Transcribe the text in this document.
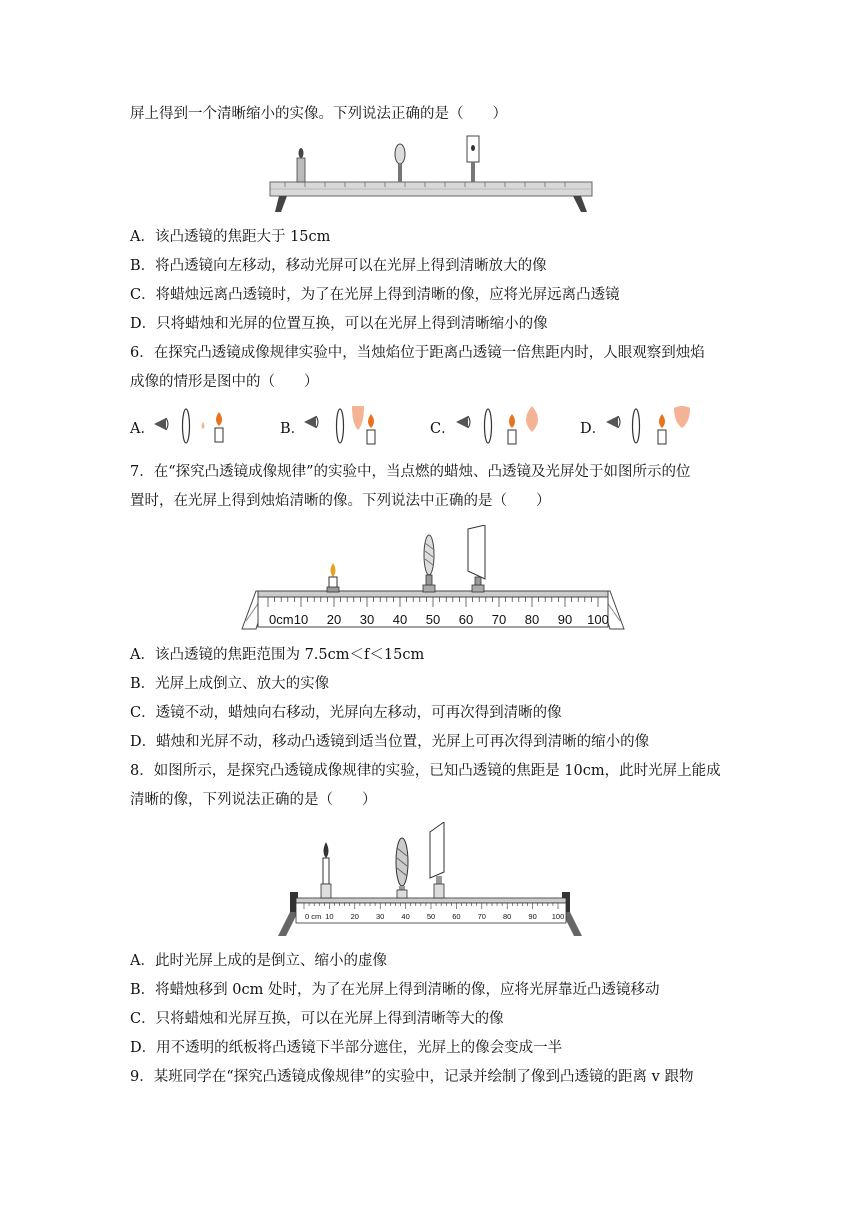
屏上得到一个清晰缩小的实像。下列说法正确的是（　　）
A．该凸透镜的焦距大于 15cm
B．将凸透镜向左移动，移动光屏可以在光屏上得到清晰放大的像
C．将蜡烛远离凸透镜时，为了在光屏上得到清晰的像，应将光屏远离凸透镜
D．只将蜡烛和光屏的位置互换，可以在光屏上得到清晰缩小的像
6．在探究凸透镜成像规律实验中，当烛焰位于距离凸透镜一倍焦距内时，人眼观察到烛焰
成像的情形是图中的（　　）
A．	B．	C．	D．
7．在“探究凸透镜成像规律”的实验中，当点燃的蜡烛、凸透镜及光屏处于如图所示的位
置时，在光屏上得到烛焰清晰的像。下列说法中正确的是（　　）
0cm 10 20 30 40 50 60 70 80 90 100
A．该凸透镜的焦距范围为 7.5cm＜f＜15cm
B．光屏上成倒立、放大的实像
C．透镜不动，蜡烛向右移动，光屏向左移动，可再次得到清晰的像
D．蜡烛和光屏不动，移动凸透镜到适当位置，光屏上可再次得到清晰的缩小的像
8．如图所示，是探究凸透镜成像规律的实验，已知凸透镜的焦距是 10cm，此时光屏上能成
清晰的像，下列说法正确的是（　　）
0 cm 10 20 30 40 50 60 70 80 90 100
A．此时光屏上成的是倒立、缩小的虚像
B．将蜡烛移到 0cm 处时，为了在光屏上得到清晰的像，应将光屏靠近凸透镜移动
C．只将蜡烛和光屏互换，可以在光屏上得到清晰等大的像
D．用不透明的纸板将凸透镜下半部分遮住，光屏上的像会变成一半
9．某班同学在“探究凸透镜成像规律”的实验中，记录并绘制了像到凸透镜的距离 v 跟物
